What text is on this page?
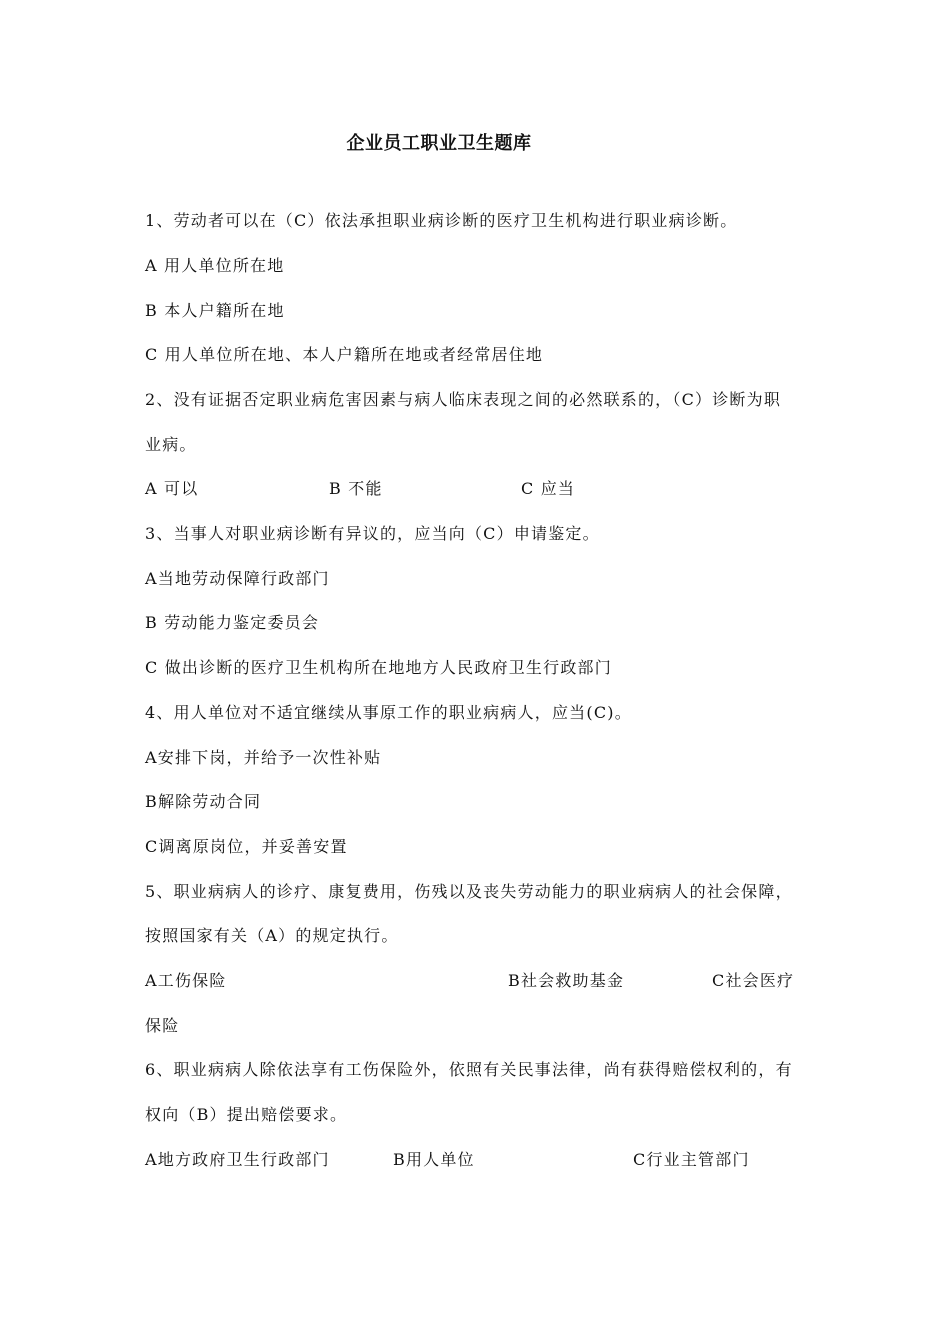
企业员工职业卫生题库
1、劳动者可以在（C）依法承担职业病诊断的医疗卫生机构进行职业病诊断。
A 用人单位所在地
B 本人户籍所在地
C 用人单位所在地、本人户籍所在地或者经常居住地
2、没有证据否定职业病危害因素与病人临床表现之间的必然联系的，（C）诊断为职
业病。
A 可以	B 不能	C 应当
3、当事人对职业病诊断有异议的，应当向（C）申请鉴定。
A当地劳动保障行政部门
B 劳动能力鉴定委员会
C 做出诊断的医疗卫生机构所在地地方人民政府卫生行政部门
4、用人单位对不适宜继续从事原工作的职业病病人，应当(C)。
A安排下岗，并给予一次性补贴
B解除劳动合同
C调离原岗位，并妥善安置
5、职业病病人的诊疗、康复费用，伤残以及丧失劳动能力的职业病病人的社会保障，
按照国家有关（A）的规定执行。
A工伤保险	B社会救助基金	C社会医疗
保险
6、职业病病人除依法享有工伤保险外，依照有关民事法律，尚有获得赔偿权利的，有
权向（B）提出赔偿要求。
A地方政府卫生行政部门	B用人单位	C行业主管部门
